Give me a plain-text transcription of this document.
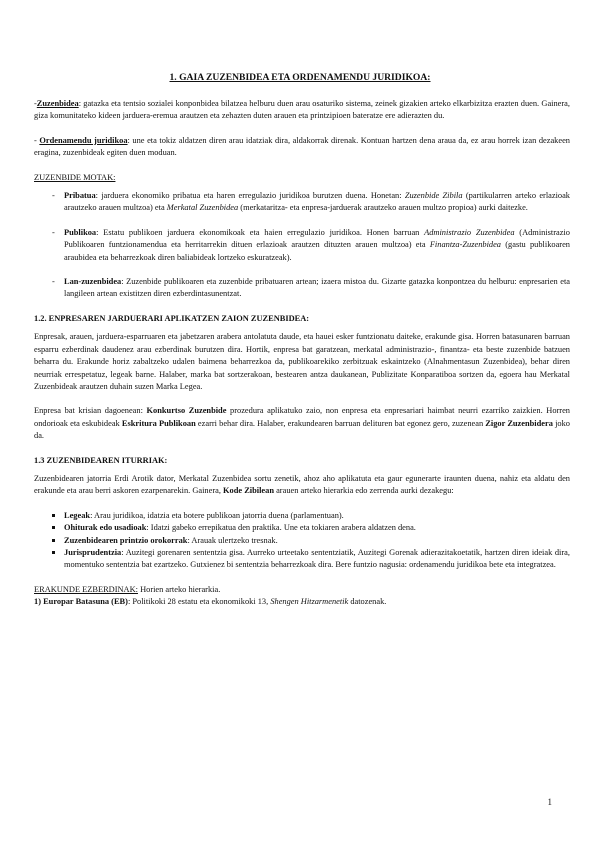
1. GAIA ZUZENBIDEA ETA ORDENAMENDU JURIDIKOA:

-Zuzenbidea: gatazka eta tentsio sozialei konponbidea bilatzea helburu duen arau osaturiko sistema, zeinek gizakien arteko elkarbizitza erazten duen. Gainera, giza komunitateko kideen jarduera-eremua arautzen eta zehazten duten arauen eta printzipioen bateratze ere adierazten du.

- Ordenamendu juridikoa: une eta tokiz aldatzen diren arau idatziak dira, aldakorrak direnak. Kontuan hartzen dena araua da, ez arau horrek izan dezakeen eragina, zuzenbideak egiten duen moduan.

ZUZENBIDE MOTAK:
- Pribatua: jarduera ekonomiko pribatua eta haren erregulazio juridikoa burutzen duena. Honetan: Zuzenbide Zibila (partikularren arteko erlazioak arautzeko arauen multzoa) eta Merkatal Zuzenbidea (merkataritza- eta enpresa-jarduerak arautzeko arauen multzo propioa) aurki daitezke.
- Publikoa: Estatu publikoen jarduera ekonomikoak eta haien erregulazio juridikoa. Honen barruan Administrazio Zuzenbidea (Administrazio Publikoaren funtzionamendua eta herritarrekin dituen erlazioak arautzen dituzten arauen multzoa) eta Finantza-Zuzenbidea (gastu publikoaren araubidea eta beharrezkoak diren baliabideak lortzeko eskuratzeak).
- Lan-zuzenbidea: Zuzenbide publikoaren eta zuzenbide pribatuaren artean; izaera mistoa du. Gizarte gatazka konpontzea du helburu: enpresarien eta langileen artean existitzen diren ezberdintasunentzat.
1.2. ENPRESAREN JARDUERARI APLIKATZEN ZAION ZUZENBIDEA:

Enpresak, arauen, jarduera-esparruaren eta jabetzaren arabera antolatuta daude, eta hauei esker funtzionatu daiteke, erakunde gisa. Horren batasunaren barruan esparru ezberdinak daudenez arau ezberdinak burutzen dira. Hortik, enpresa bat garatzean, merkatal administrazio-, finantza- eta beste zuzenbide batzuen beharra du. Erakunde horiz zabaltzeko udalen baimena beharrezkoa da, publikoarekiko zerbitzuak eskaintzeko (Alnahmentasun Zuzenbidea), behar diren neurriak errespetatuz, legeak barne. Halaber, marka bat sortzerakoan, bestearen antza daukanean, Publizitate Konparatiboa sortzen da, egoera hau Merkatal Zuzenbideak arautzen duhain suzen Marka Legea.

Enpresa bat krisian dagoenean: Konkurtso Zuzenbide prozedura aplikatuko zaio, non enpresa eta enpresariari haimbat neurri ezarriko zaizkien. Horren ondorioak eta eskubideak Eskritura Publikoan ezarri behar dira. Halaber, erakundearen barruan delituren bat egonez gero, zuzenean Zigor Zuzenbidera joko da.

1.3 ZUZENBIDEAREN ITURRIAK:

Zuzenbidearen jatorria Erdi Arotik dator, Merkatal Zuzenbidea sortu zenetik, ahoz aho aplikatuta eta gaur egunerarte iraunten duena, nahiz eta aldatu den erakunde eta arau berri askoren ezarpenarekin. Gainera, Kode Zibilean arauen arteko hierarkia edo zerrenda aurki dezakegu:

Legeak: Arau juridikoa, idatzia eta botere publikoan jatorria duena (parlamentuan).
Ohiturak edo usadioak: Idatzi gabeko errepikatua den praktika. Une eta tokiaren arabera aldatzen dena.
Zuzenbidearen printzio orokorrak: Arauak ulertzeko tresnak.
Jurisprudentzia: Auzitegi gorenaren sententzia gisa. Aurreko urteetako sententziatik, Auzitegi Gorenak adierazitakoetatik, hartzen diren ideiak dira, momentuko sententzia bat ezartzeko. Gutxienez bi sententzia beharrezkoak dira. Bere funtzio nagusia: ordenamendu juridikoa bete eta integratzea.
ERAKUNDE EZBERDINAK: Horien arteko hierarkia.
1) Europar Batasuna (EB): Politikoki 28 estatu eta ekonomikoki 13, Shengen Hitzarmenetik datozenak.
1
